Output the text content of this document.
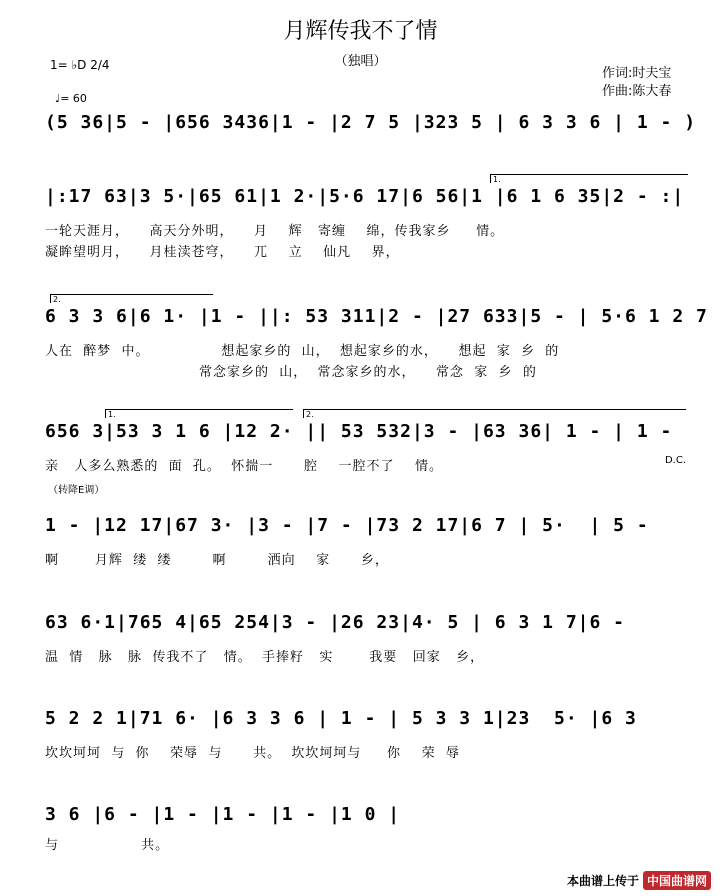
月辉传我不了情
（独唱）
作词:时夫宝
作曲:陈大春
1= ♭D 2/4
♩= 60
(5 36|5 - |656 3436|1 - |2 7 5 |323 5 | 6 3 3 6 | 1 - )
1.
|:17 63|3 5·|65 61|1 2·|5·6 17|6 56|1 |6 1 6 35|2 - :|
一轮天涯月，    高天分外明，    月    辉   寄缠    绵，传我家乡     情。
凝眸望明月，    月桂渎苍穹，    兀    立    仙凡    界，
2.
6 3 3 6|6 1· |1 - ||: 53 311|2 - |27 633|5 - | 5·6 1 2 7
人在  醉梦  中。              想起家乡的  山，  想起家乡的水，    想起  家  乡  的
常念家乡的  山，  常念家乡的水，    常念  家  乡  的
1.	2.
656 3|53 3 1 6 |12 2· || 53 532|3 - |63 36| 1 - | 1 -
亲   人多么熟悉的  面  孔。  怀揣一      腔    一腔不了    情。	D.C.
（转降E调）
1 - |12 17|67 3· |3 - |7 - |73 2 17|6 7 | 5·  | 5 -
啊       月辉  缕  缕        啊        洒向    家      乡，
63 6·1|765 4|65 254|3 - |26 23|4· 5 | 6 3 1 7|6 -
温  情   脉   脉  传我不了   情。  手捧籽   实       我要   回家   乡，
5 2 2 1|71 6· |6 3 3 6 | 1 - | 5 3 3 1|23  5· |6 3
坎坎坷坷  与  你    荣辱  与      共。  坎坎坷坷与     你    荣  辱
3 6 |6 - |1 - |1 - |1 - |1 0 |
与                共。
本曲谱上传于 中国曲谱网
